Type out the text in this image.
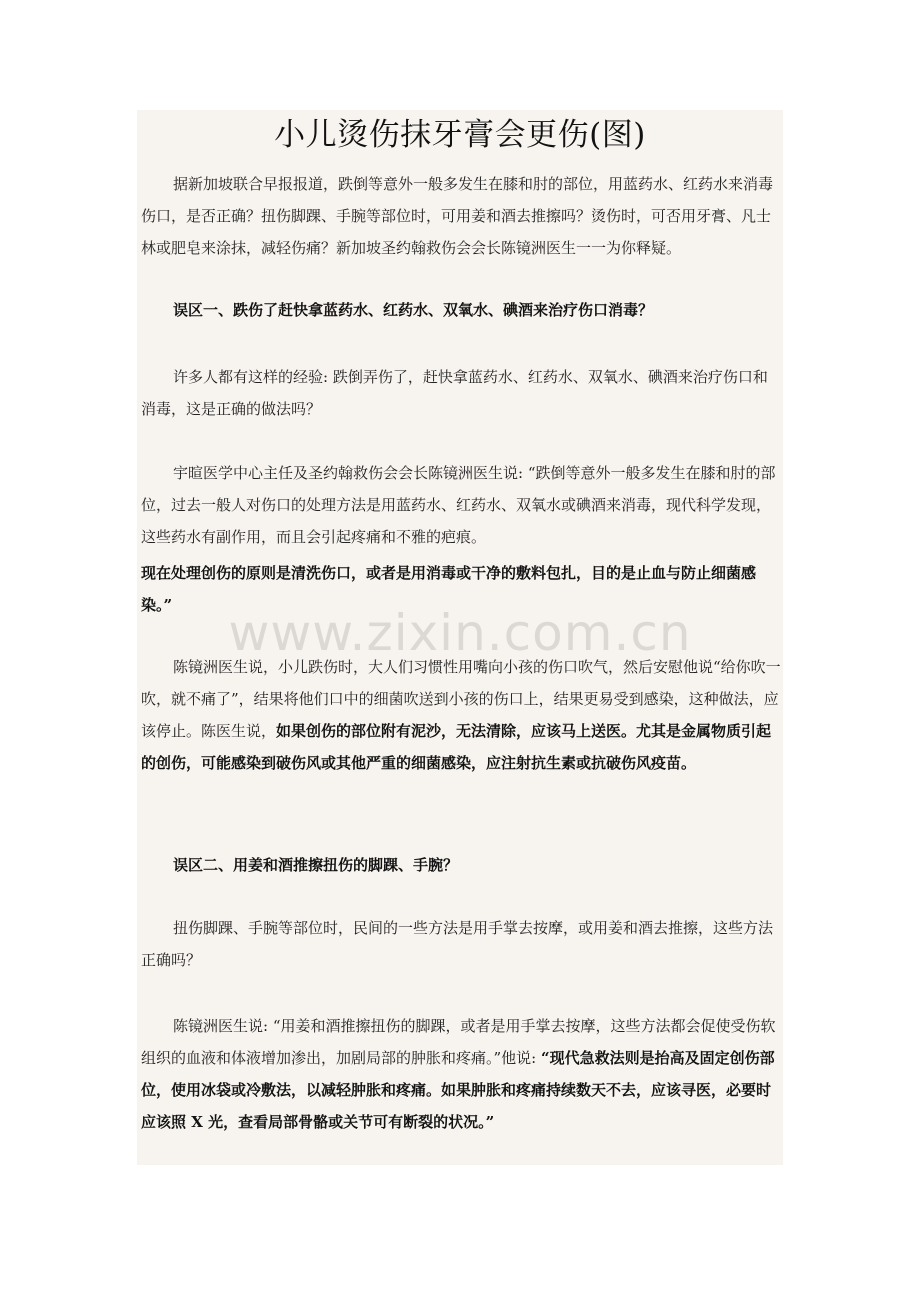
小儿烫伤抹牙膏会更伤(图)

据新加坡联合早报报道，跌倒等意外一般多发生在膝和肘的部位，用蓝药水、红药水来消毒伤口，是否正确？扭伤脚踝、手腕等部位时，可用姜和酒去推擦吗？烫伤时，可否用牙膏、凡士林或肥皂来涂抹，减轻伤痛？新加坡圣约翰救伤会会长陈镜洲医生一一为你释疑。

误区一、跌伤了赶快拿蓝药水、红药水、双氧水、碘酒来治疗伤口消毒？

许多人都有这样的经验: 跌倒弄伤了，赶快拿蓝药水、红药水、双氧水、碘酒来治疗伤口和消毒，这是正确的做法吗？

宇暄医学中心主任及圣约翰救伤会会长陈镜洲医生说: “跌倒等意外一般多发生在膝和肘的部位，过去一般人对伤口的处理方法是用蓝药水、红药水、双氧水或碘酒来消毒，现代科学发现，这些药水有副作用，而且会引起疼痛和不雅的疤痕。

现在处理创伤的原则是清洗伤口，或者是用消毒或干净的敷料包扎，目的是止血与防止细菌感染。”

陈镜洲医生说，小儿跌伤时，大人们习惯性用嘴向小孩的伤口吹气，然后安慰他说“给你吹一吹，就不痛了”，结果将他们口中的细菌吹送到小孩的伤口上，结果更易受到感染，这种做法，应该停止。陈医生说，如果创伤的部位附有泥沙，无法清除，应该马上送医。尤其是金属物质引起的创伤，可能感染到破伤风或其他严重的细菌感染，应注射抗生素或抗破伤风疫苗。

误区二、用姜和酒推擦扭伤的脚踝、手腕？

扭伤脚踝、手腕等部位时，民间的一些方法是用手掌去按摩，或用姜和酒去推擦，这些方法正确吗？

陈镜洲医生说: “用姜和酒推擦扭伤的脚踝，或者是用手掌去按摩，这些方法都会促使受伤软组织的血液和体液增加渗出，加剧局部的肿胀和疼痛。”他说: “现代急救法则是抬高及固定创伤部位，使用冰袋或冷敷法，以减轻肿胀和疼痛。如果肿胀和疼痛持续数天不去，应该寻医，必要时应该照 X 光，查看局部骨骼或关节可有断裂的状况。”

www.zixin.com.cn
